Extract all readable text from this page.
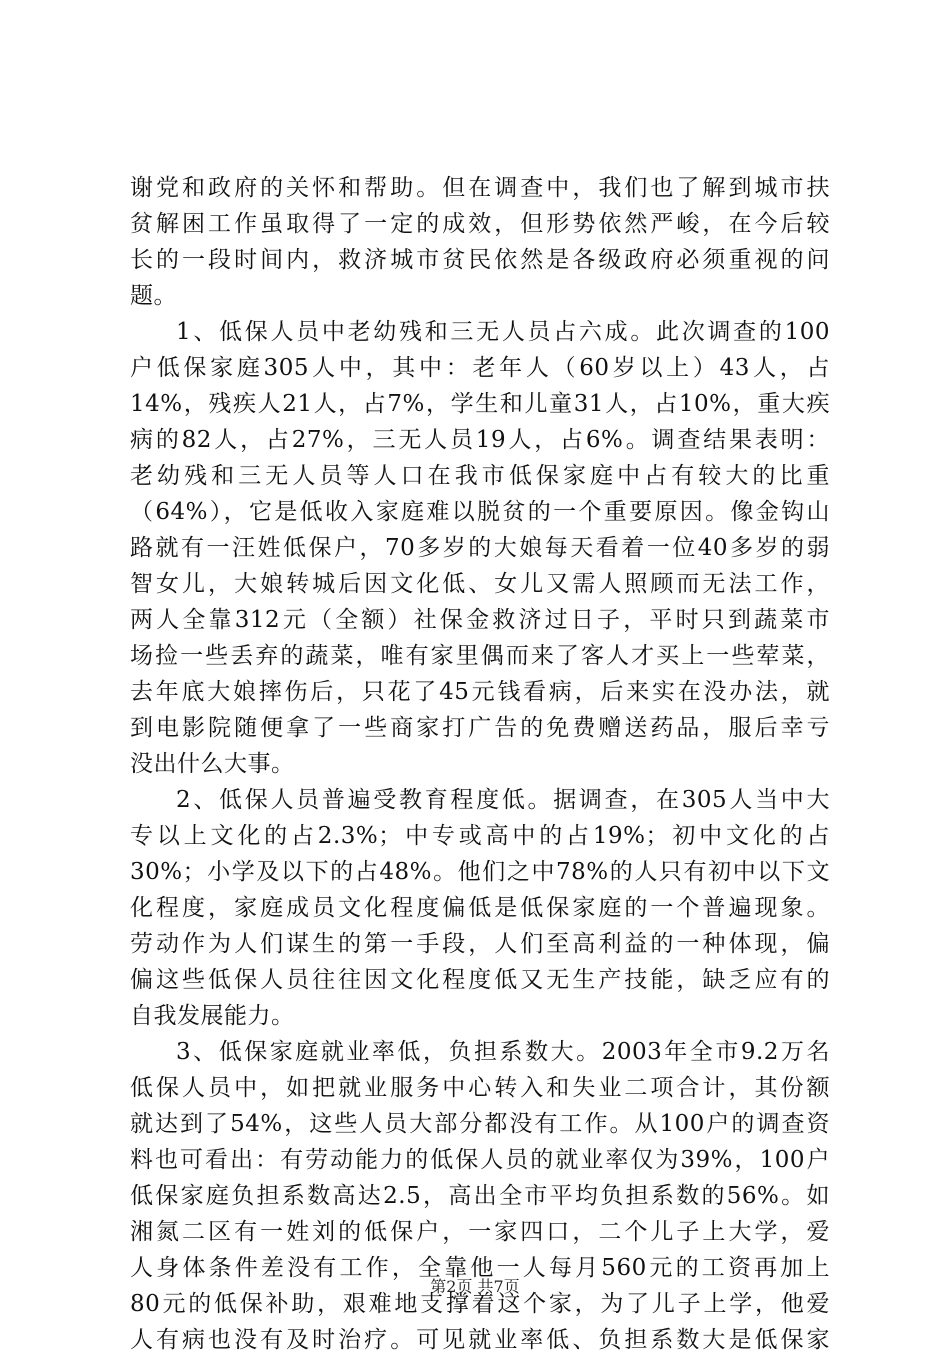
谢党和政府的关怀和帮助。但在调查中，我们也了解到城市扶
贫解困工作虽取得了一定的成效，但形势依然严峻，在今后较
长的一段时间内，救济城市贫民依然是各级政府必须重视的问
题。
1、低保人员中老幼残和三无人员占六成。此次调查的100
户低保家庭305人中，其中：老年人（60岁以上）43人，占
14%，残疾人21人，占7%，学生和儿童31人，占10%，重大疾
病的82人，占27%，三无人员19人，占6%。调查结果表明：
老幼残和三无人员等人口在我市低保家庭中占有较大的比重
（64%），它是低收入家庭难以脱贫的一个重要原因。像金钩山
路就有一汪姓低保户，70多岁的大娘每天看着一位40多岁的弱
智女儿，大娘转城后因文化低、女儿又需人照顾而无法工作，
两人全靠312元（全额）社保金救济过日子，平时只到蔬菜市
场捡一些丢弃的蔬菜，唯有家里偶而来了客人才买上一些荤菜，
去年底大娘摔伤后，只花了45元钱看病，后来实在没办法，就
到电影院随便拿了一些商家打广告的免费赠送药品，服后幸亏
没出什么大事。
2、低保人员普遍受教育程度低。据调查，在305人当中大
专以上文化的占2.3%；中专或高中的占19%；初中文化的占
30%；小学及以下的占48%。他们之中78%的人只有初中以下文
化程度，家庭成员文化程度偏低是低保家庭的一个普遍现象。
劳动作为人们谋生的第一手段，人们至高利益的一种体现，偏
偏这些低保人员往往因文化程度低又无生产技能，缺乏应有的
自我发展能力。
3、低保家庭就业率低，负担系数大。2003年全市9.2万名
低保人员中，如把就业服务中心转入和失业二项合计，其份额
就达到了54%，这些人员大部分都没有工作。从100户的调查资
料也可看出：有劳动能力的低保人员的就业率仅为39%，100户
低保家庭负担系数高达2.5，高出全市平均负担系数的56%。如
湘氮二区有一姓刘的低保户，一家四口，二个儿子上大学，爱
人身体条件差没有工作，全靠他一人每月560元的工资再加上
80元的低保补助，艰难地支撑着这个家，为了儿子上学，他爱
人有病也没有及时治疗。可见就业率低、负担系数大是低保家
第2页 共7页
